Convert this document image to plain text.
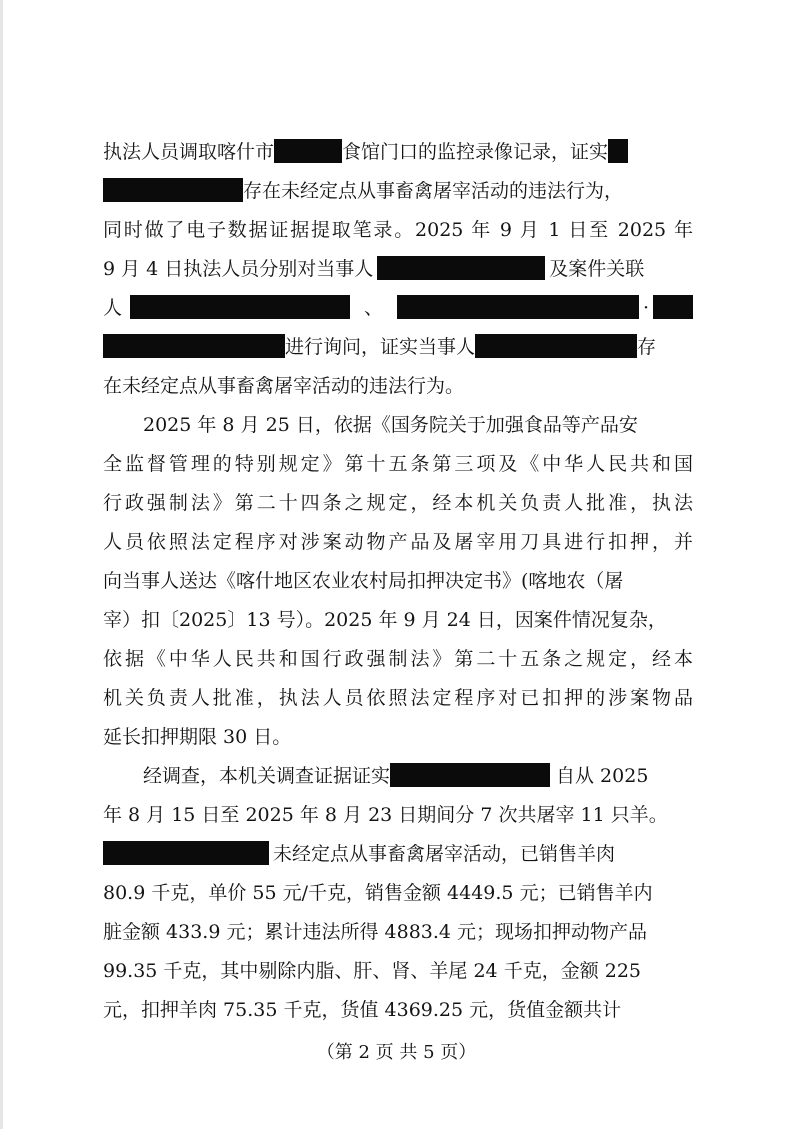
执法人员调取喀什市	食馆门口的监控录像记录，证实
存在未经定点从事畜禽屠宰活动的违法行为，
同时做了电子数据证据提取笔录。2025 年 9 月 1 日至 2025 年
9 月 4 日执法人员分别对当事人	及案件关联
人	、	·
进行询问，证实当事人	存
在未经定点从事畜禽屠宰活动的违法行为。
2025 年 8 月 25 日，依据《国务院关于加强食品等产品安
全监督管理的特别规定》第十五条第三项及《中华人民共和国
行政强制法》第二十四条之规定，经本机关负责人批准，执法
人员依照法定程序对涉案动物产品及屠宰用刀具进行扣押，并
向当事人送达《喀什地区农业农村局扣押决定书》(喀地农（屠
宰）扣〔2025〕13 号）。2025 年 9 月 24 日，因案件情况复杂，
依据《中华人民共和国行政强制法》第二十五条之规定，经本
机关负责人批准，执法人员依照法定程序对已扣押的涉案物品
延长扣押期限 30 日。
经调查，本机关调查证据证实	自从 2025
年 8 月 15 日至 2025 年 8 月 23 日期间分 7 次共屠宰 11 只羊。
未经定点从事畜禽屠宰活动，已销售羊肉
80.9 千克，单价 55 元/千克，销售金额 4449.5 元；已销售羊内
脏金额 433.9 元；累计违法所得 4883.4 元；现场扣押动物产品
99.35 千克，其中剔除内脂、肝、肾、羊尾 24 千克，金额 225
元，扣押羊肉 75.35 千克，货值 4369.25 元，货值金额共计
（第 2 页 共 5 页）
